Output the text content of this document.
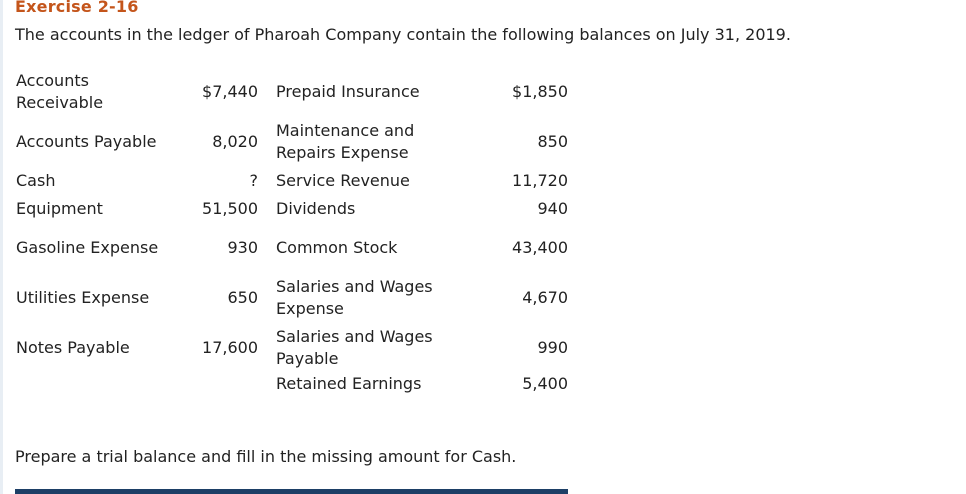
Exercise 2-16
The accounts in the ledger of Pharoah Company contain the following balances on July 31, 2019.
Accounts Receivable	$7,440	Prepaid Insurance	$1,850
Accounts Payable	8,020	Maintenance and Repairs Expense	850
Cash	?	Service Revenue	11,720
Equipment	51,500	Dividends	940
Gasoline Expense	930	Common Stock	43,400
Utilities Expense	650	Salaries and Wages Expense	4,670
Notes Payable	17,600	Salaries and Wages Payable	990
		Retained Earnings	5,400
Prepare a trial balance and fill in the missing amount for Cash.
